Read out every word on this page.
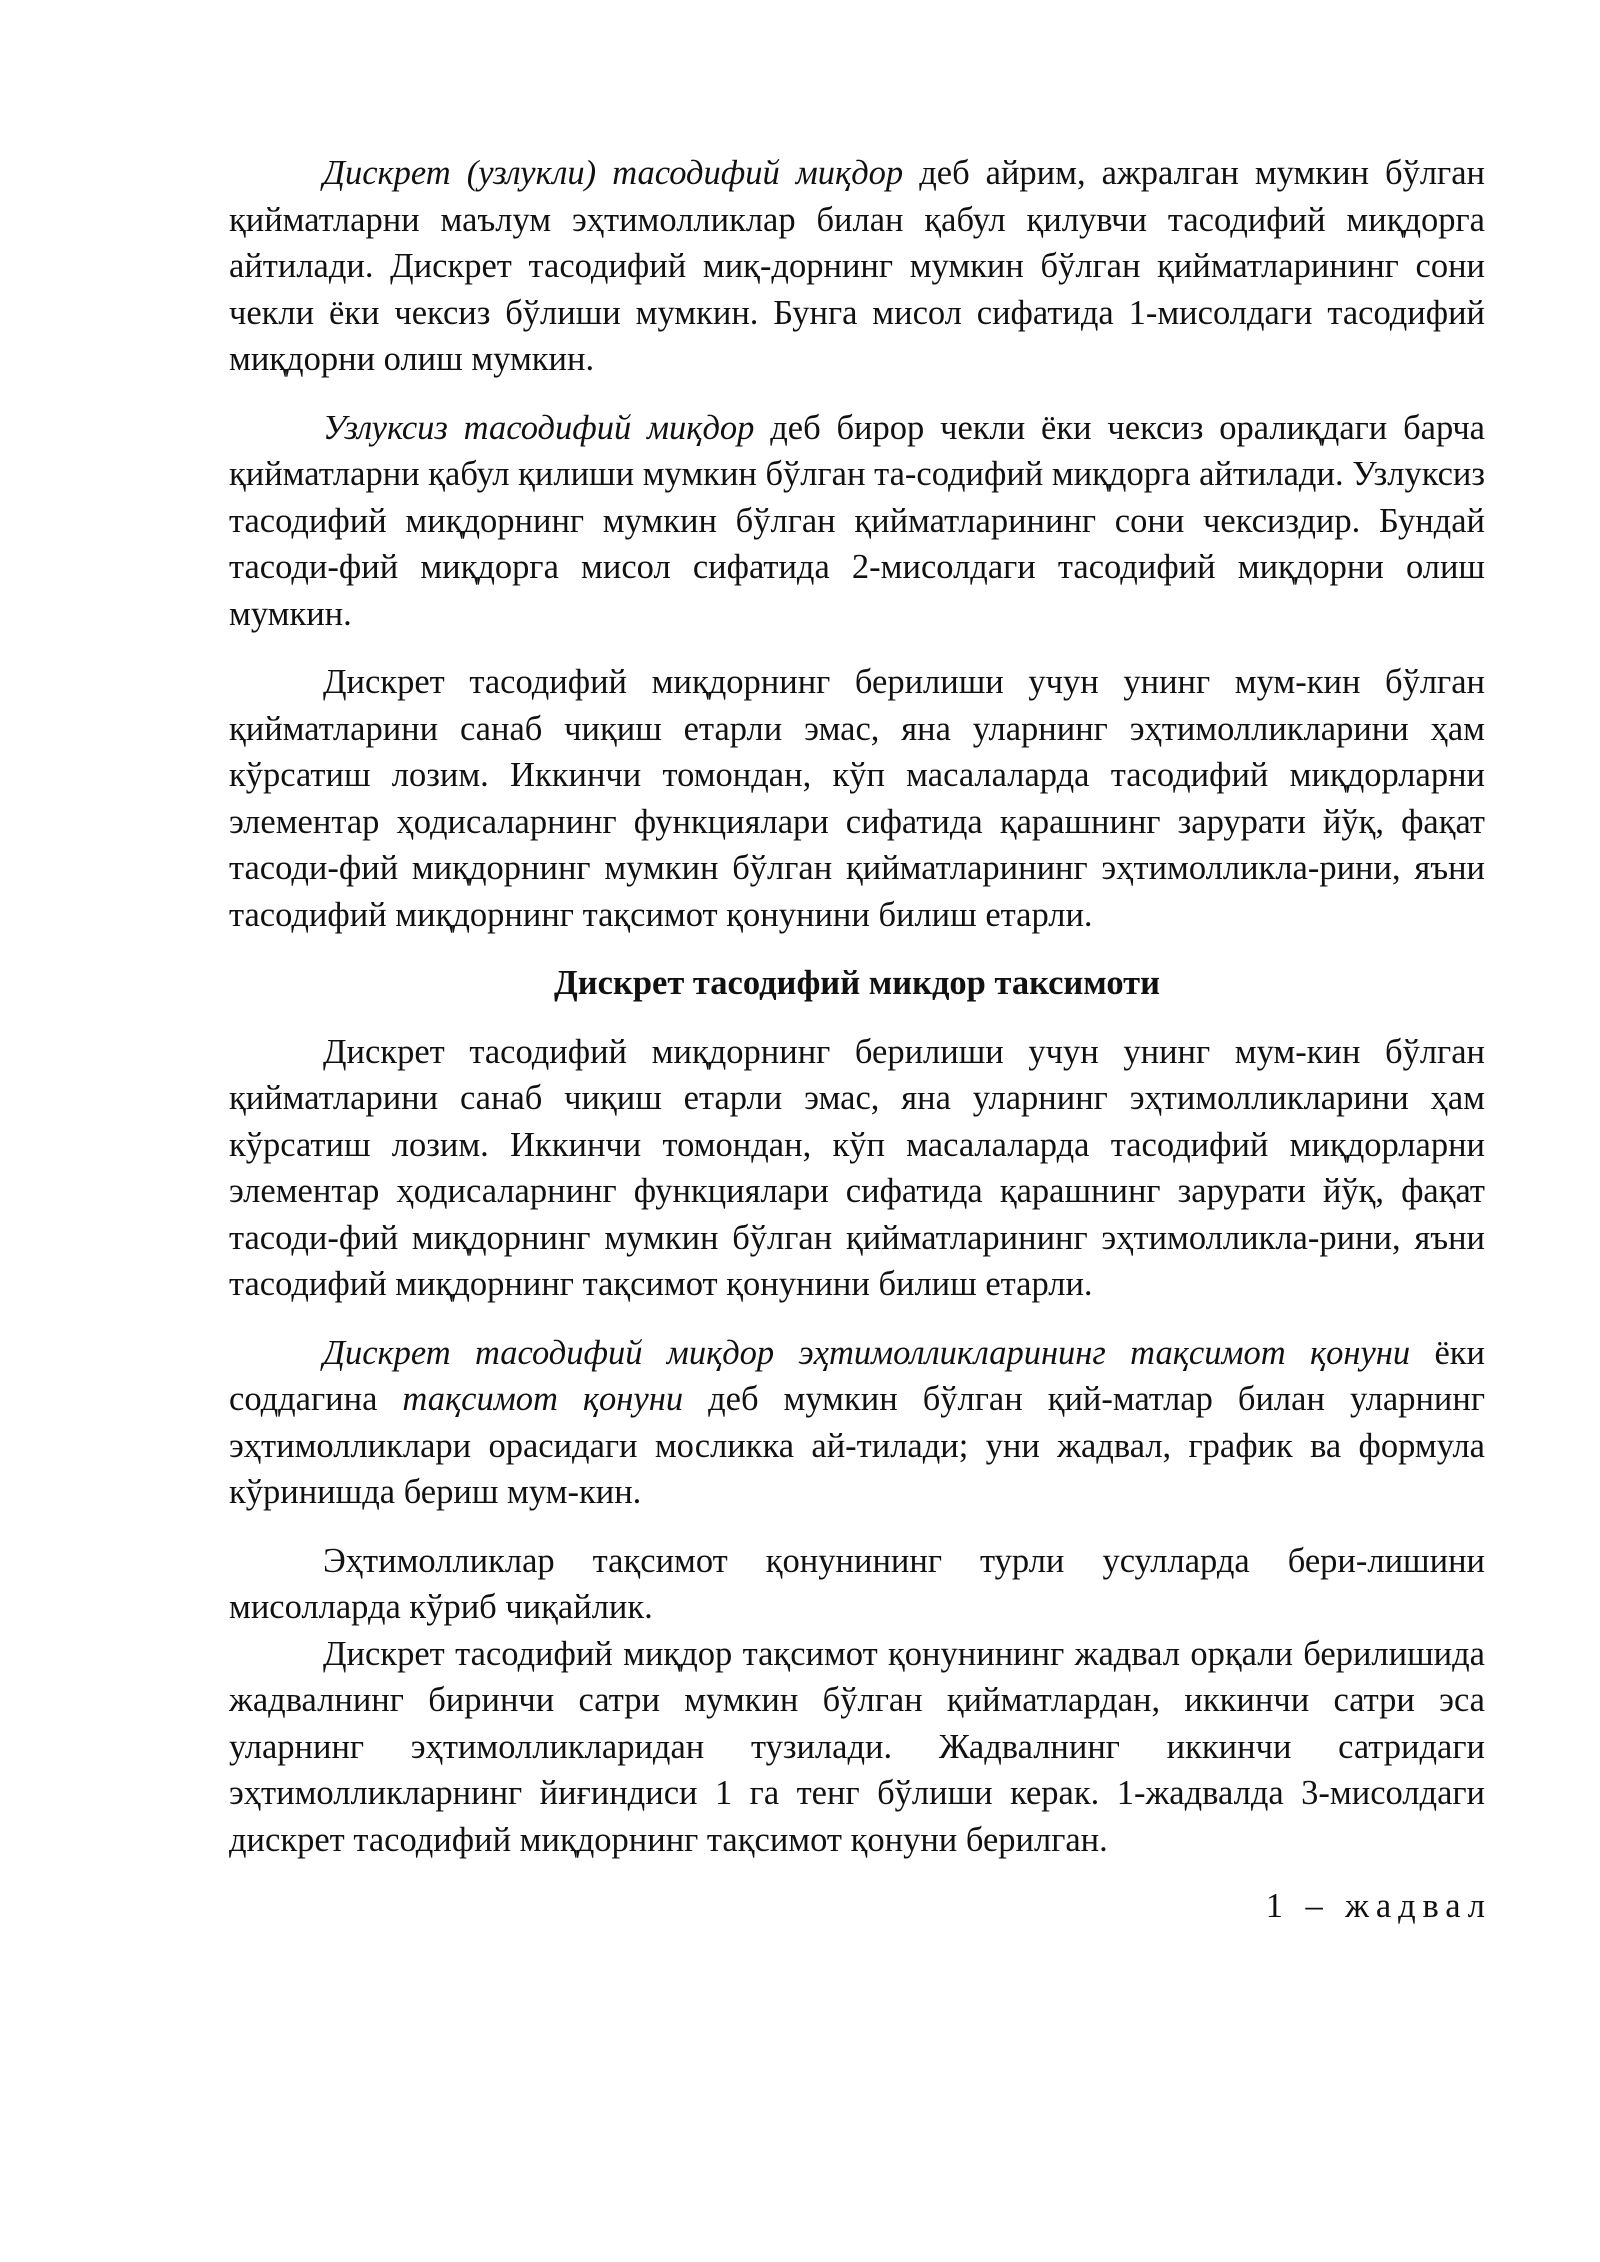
Дискрет (узлукли) тасодифий миқдор деб айрим, ажралган мумкин бўлган қийматларни маълум эҳтимолликлар билан қабул қилувчи тасодифий миқдорга айтилади. Дискрет тасодифий миқ-дорнинг мумкин бўлган қийматларининг сони чекли ёки чексиз бўлиши мумкин. Бунга мисол сифатида 1-мисолдаги тасодифий миқдорни олиш мумкин.

Узлуксиз тасодифий миқдор деб бирор чекли ёки чексиз оралиқдаги барча қийматларни қабул қилиши мумкин бўлган та-содифий миқдорга айтилади. Узлуксиз тасодифий миқдорнинг мумкин бўлган қийматларининг сони чексиздир. Бундай тасоди-фий миқдорга мисол сифатида 2-мисолдаги тасодифий миқдорни олиш мумкин.

Дискрет тасодифий миқдорнинг берилиши учун унинг мум-кин бўлган қийматларини санаб чиқиш етарли эмас, яна уларнинг эҳтимолликларини ҳам кўрсатиш лозим. Иккинчи томондан, кўп масалаларда тасодифий миқдорларни элементар ҳодисаларнинг функциялари сифатида қарашнинг зарурати йўқ, фақат тасоди-фий миқдорнинг мумкин бўлган қийматларининг эҳтимолликла-рини, яъни тасодифий миқдорнинг тақсимот қонунини билиш етарли.

Дискрет тасодифий микдор таксимоти

Дискрет тасодифий миқдорнинг берилиши учун унинг мум-кин бўлган қийматларини санаб чиқиш етарли эмас, яна уларнинг эҳтимолликларини ҳам кўрсатиш лозим. Иккинчи томондан, кўп масалаларда тасодифий миқдорларни элементар ҳодисаларнинг функциялари сифатида қарашнинг зарурати йўқ, фақат тасоди-фий миқдорнинг мумкин бўлган қийматларининг эҳтимолликла-рини, яъни тасодифий миқдорнинг тақсимот қонунини билиш етарли.

Дискрет тасодифий миқдор эҳтимолликларининг тақсимот қонуни ёки соддагина тақсимот қонуни деб мумкин бўлган қий-матлар билан уларнинг эҳтимолликлари орасидаги мосликка ай-тилади; уни жадвал, график ва формула кўринишда бериш мум-кин.

Эҳтимолликлар тақсимот қонунининг турли усулларда бери-лишини мисолларда кўриб чиқайлик.

Дискрет тасодифий миқдор тақсимот қонунининг жадвал орқали берилишида жадвалнинг биринчи сатри мумкин бўлган қийматлардан, иккинчи сатри эса уларнинг эҳтимолликларидан тузилади. Жадвалнинг иккинчи сатридаги эҳтимолликларнинг йиғиндиси 1 га тенг бўлиши керак. 1-жадвалда 3-мисолдаги дискрет тасодифий миқдорнинг тақсимот қонуни берилган.

1 – жадвал
